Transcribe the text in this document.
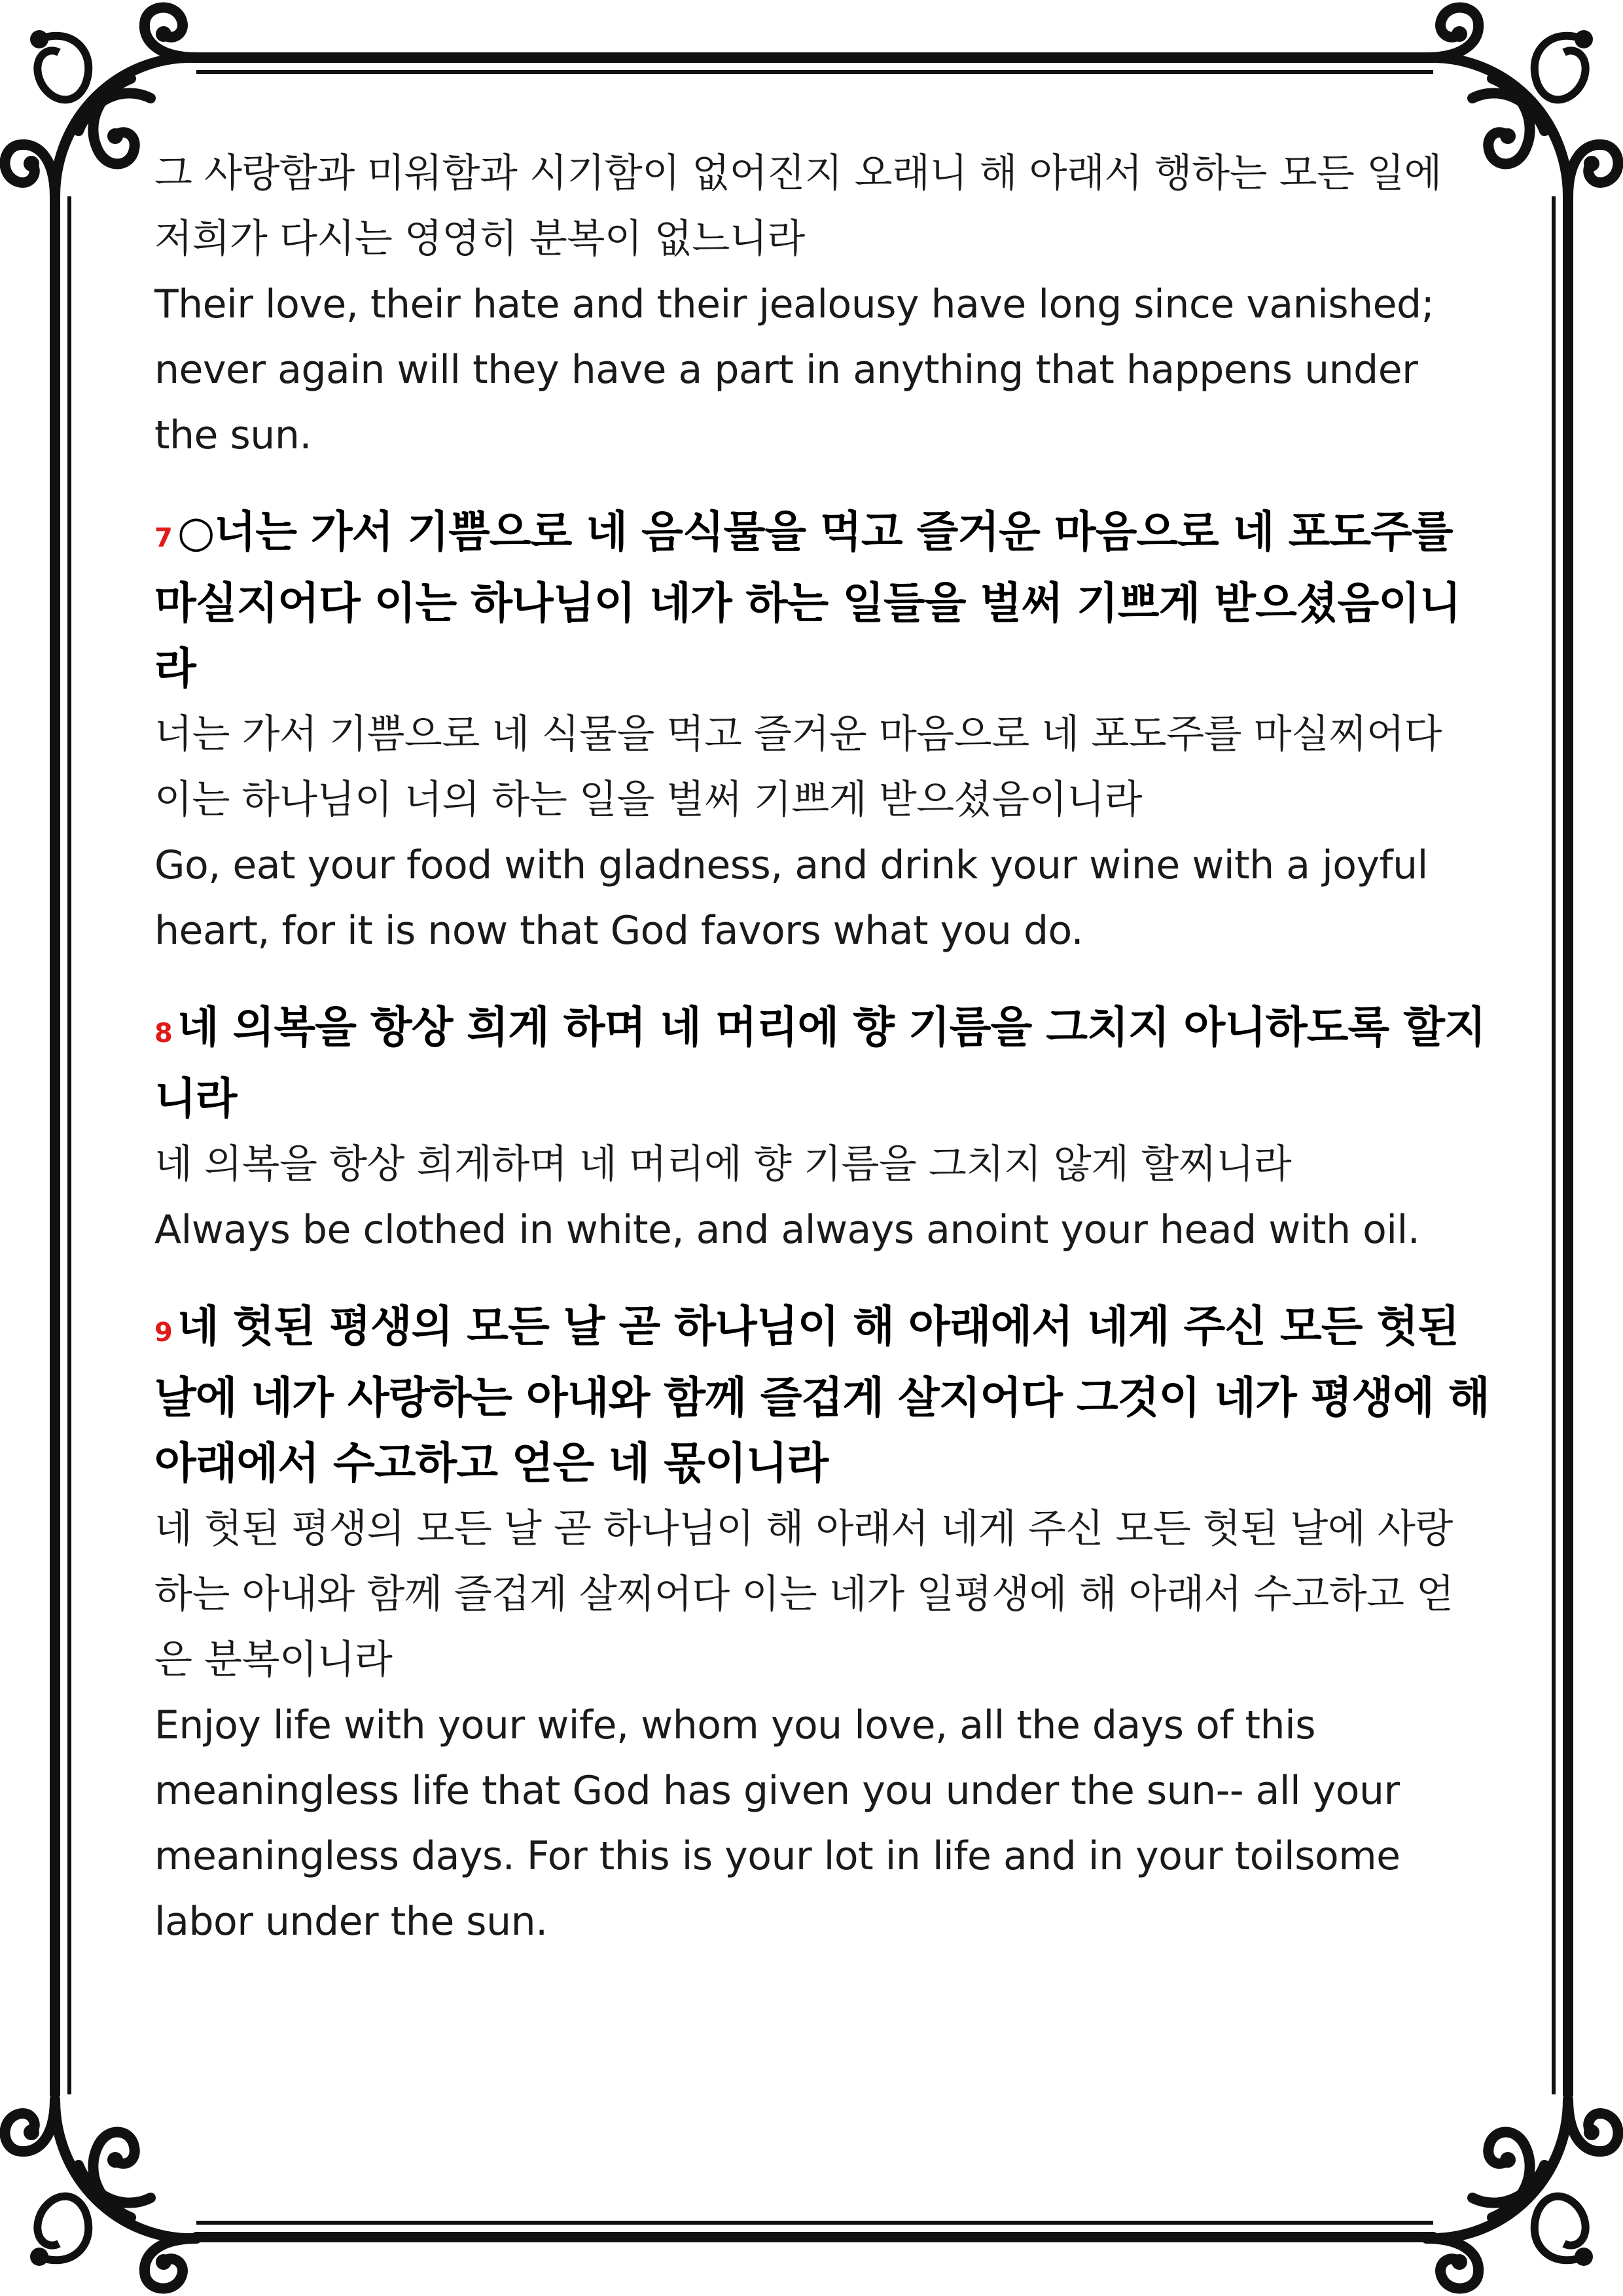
그 사랑함과 미워함과 시기함이 없어진지 오래니 해 아래서 행하는 모든 일에 저희가 다시는 영영히 분복이 없느니라

Their love, their hate and their jealousy have long since vanished; never again will they have a part in anything that happens under the sun.

7 ○너는 가서 기쁨으로 네 음식물을 먹고 즐거운 마음으로 네 포도주를 마실지어다 이는 하나님이 네가 하는 일들을 벌써 기쁘게 받으셨음이니라

너는 가서 기쁨으로 네 식물을 먹고 즐거운 마음으로 네 포도주를 마실찌어다 이는 하나님이 너의 하는 일을 벌써 기쁘게 받으셨음이니라

Go, eat your food with gladness, and drink your wine with a joyful heart, for it is now that God favors what you do.

8 네 의복을 항상 희게 하며 네 머리에 향 기름을 그치지 아니하도록 할지니라

네 의복을 항상 희게하며 네 머리에 향 기름을 그치지 않게 할찌니라

Always be clothed in white, and always anoint your head with oil.

9 네 헛된 평생의 모든 날 곧 하나님이 해 아래에서 네게 주신 모든 헛된 날에 네가 사랑하는 아내와 함께 즐겁게 살지어다 그것이 네가 평생에 해 아래에서 수고하고 얻은 네 몫이니라

네 헛된 평생의 모든 날 곧 하나님이 해 아래서 네게 주신 모든 헛된 날에 사랑하는 아내와 함께 즐겁게 살찌어다 이는 네가 일평생에 해 아래서 수고하고 얻은 분복이니라

Enjoy life with your wife, whom you love, all the days of this meaningless life that God has given you under the sun-- all your meaningless days. For this is your lot in life and in your toilsome labor under the sun.
